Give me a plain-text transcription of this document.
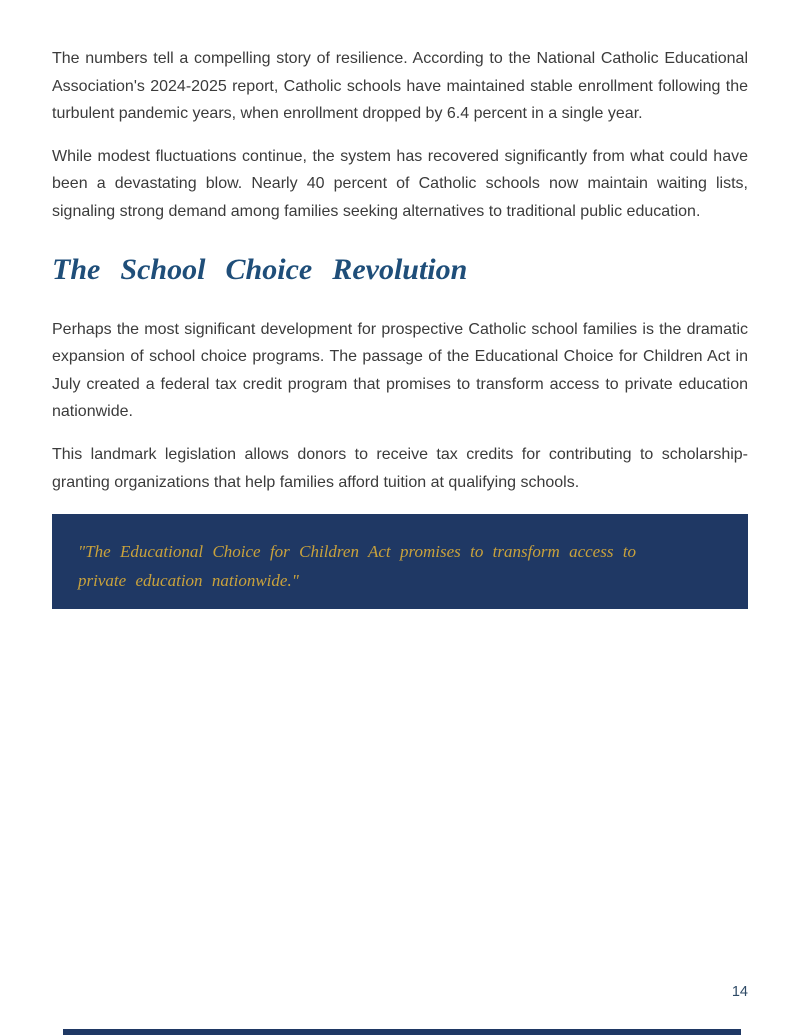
The numbers tell a compelling story of resilience. According to the National Catholic Educational Association's 2024-2025 report, Catholic schools have maintained stable enrollment following the turbulent pandemic years, when enrollment dropped by 6.4 percent in a single year.

While modest fluctuations continue, the system has recovered significantly from what could have been a devastating blow. Nearly 40 percent of Catholic schools now maintain waiting lists, signaling strong demand among families seeking alternatives to traditional public education.

The School Choice Revolution

Perhaps the most significant development for prospective Catholic school families is the dramatic expansion of school choice programs. The passage of the Educational Choice for Children Act in July created a federal tax credit program that promises to transform access to private education nationwide.

This landmark legislation allows donors to receive tax credits for contributing to scholarship-granting organizations that help families afford tuition at qualifying schools.

"The Educational Choice for Children Act promises to transform access to private education nationwide."
14
